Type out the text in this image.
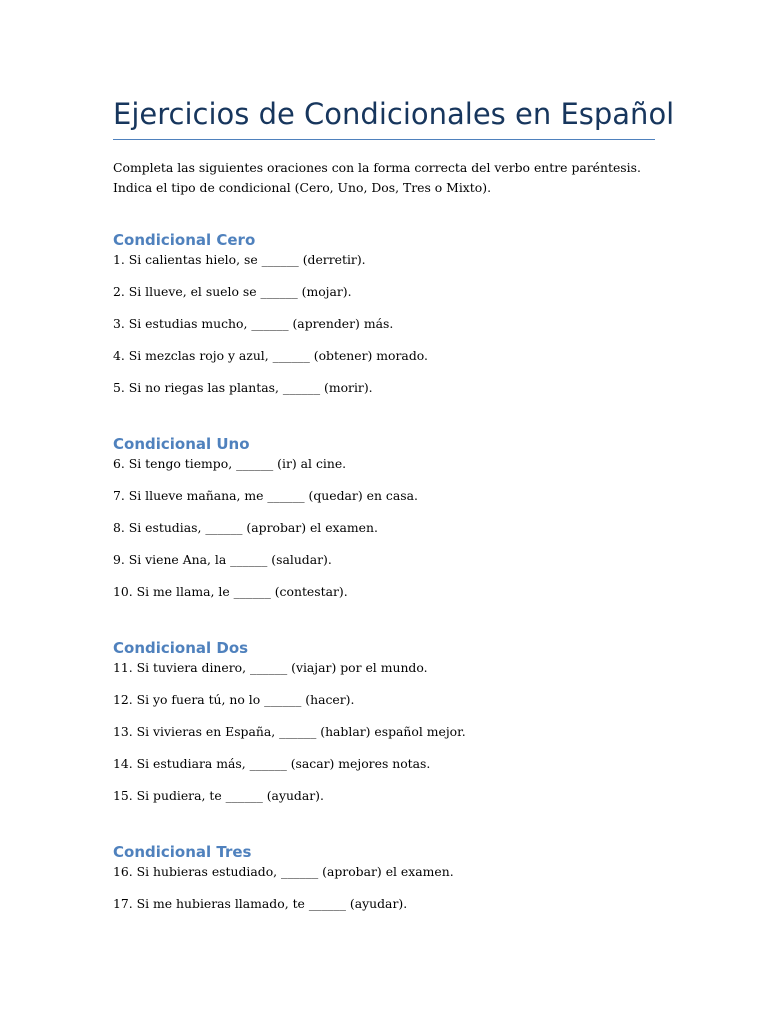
Ejercicios de Condicionales en Español

Completa las siguientes oraciones con la forma correcta del verbo entre paréntesis. Indica el tipo de condicional (Cero, Uno, Dos, Tres o Mixto).

Condicional Cero
1. Si calientas hielo, se ______ (derretir).
2. Si llueve, el suelo se ______ (mojar).
3. Si estudias mucho, ______ (aprender) más.
4. Si mezclas rojo y azul, ______ (obtener) morado.
5. Si no riegas las plantas, ______ (morir).
Condicional Uno
6. Si tengo tiempo, ______ (ir) al cine.
7. Si llueve mañana, me ______ (quedar) en casa.
8. Si estudias, ______ (aprobar) el examen.
9. Si viene Ana, la ______ (saludar).
10. Si me llama, le ______ (contestar).
Condicional Dos
11. Si tuviera dinero, ______ (viajar) por el mundo.
12. Si yo fuera tú, no lo ______ (hacer).
13. Si vivieras en España, ______ (hablar) español mejor.
14. Si estudiara más, ______ (sacar) mejores notas.
15. Si pudiera, te ______ (ayudar).
Condicional Tres
16. Si hubieras estudiado, ______ (aprobar) el examen.
17. Si me hubieras llamado, te ______ (ayudar).
